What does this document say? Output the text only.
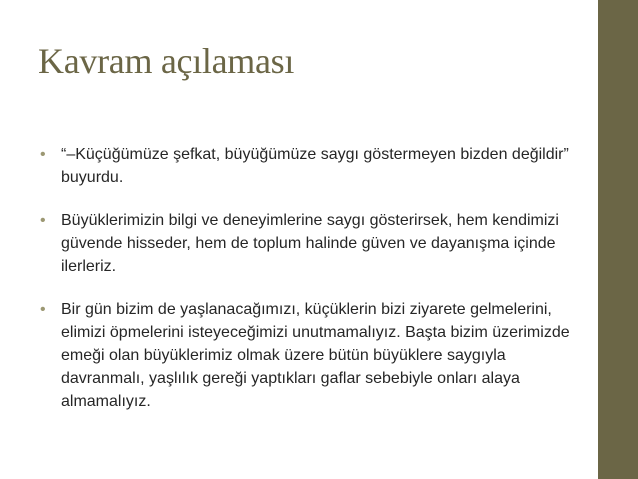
Kavram açılaması
• “–Küçüğümüze şefkat, büyüğümüze saygı göstermeyen bizden değildir” buyurdu.
• Büyüklerimizin bilgi ve deneyimlerine saygı gösterirsek, hem kendimizi güvende hisseder, hem de toplum halinde güven ve dayanışma içinde ilerleriz.
• Bir gün bizim de yaşlanacağımızı, küçüklerin bizi ziyarete gelmelerini, elimizi öpmelerini isteyeceğimizi unutmamalıyız. Başta bizim üzerimizde emeği olan büyüklerimiz olmak üzere bütün büyüklere saygıyla davranmalı, yaşlılık gereği yaptıkları gaflar sebebiyle onları alaya almamalıyız.
